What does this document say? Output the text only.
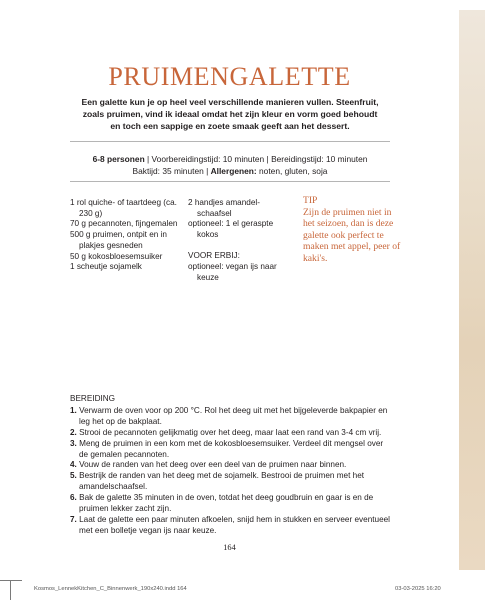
PRUIMENGALETTE

Een galette kun je op heel veel verschillende manieren vullen. Steenfruit, zoals pruimen, vind ik ideaal omdat het zijn kleur en vorm goed behoudt en toch een sappige en zoete smaak geeft aan het dessert.

6-8 personen | Voorbereidingstijd: 10 minuten | Bereidingstijd: 10 minuten
Baktijd: 35 minuten | Allergenen: noten, gluten, soja

1 rol quiche- of taartdeeg (ca. 230 g)
70 g pecannoten, fijngemalen
500 g pruimen, ontpit en in plakjes gesneden
50 g kokosbloesemsuiker
1 scheutje sojamelk
2 handjes amandel-schaafsel
optioneel: 1 el geraspte kokos
VOOR ERBIJ:
optioneel: vegan ijs naar keuze
TIP
Zijn de pruimen niet in het seizoen, dan is deze galette ook perfect te maken met appel, peer of kaki's.

BEREIDING

1. Verwarm de oven voor op 200 °C. Rol het deeg uit met het bijgeleverde bakpapier en leg het op de bakplaat.
2. Strooi de pecannoten gelijkmatig over het deeg, maar laat een rand van 3-4 cm vrij.
3. Meng de pruimen in een kom met de kokosbloesemsuiker. Verdeel dit mengsel over de gemalen pecannoten.
4. Vouw de randen van het deeg over een deel van de pruimen naar binnen.
5. Bestrijk de randen van het deeg met de sojamelk. Bestrooi de pruimen met het amandelschaafsel.
6. Bak de galette 35 minuten in de oven, totdat het deeg goudbruin en gaar is en de pruimen lekker zacht zijn.
7. Laat de galette een paar minuten afkoelen, snijd hem in stukken en serveer eventueel met een bolletje vegan ijs naar keuze.

164

Kosmos_LennekKitchen_C_Binnenwerk_190x240.indd 164	03-03-2025 16:20
